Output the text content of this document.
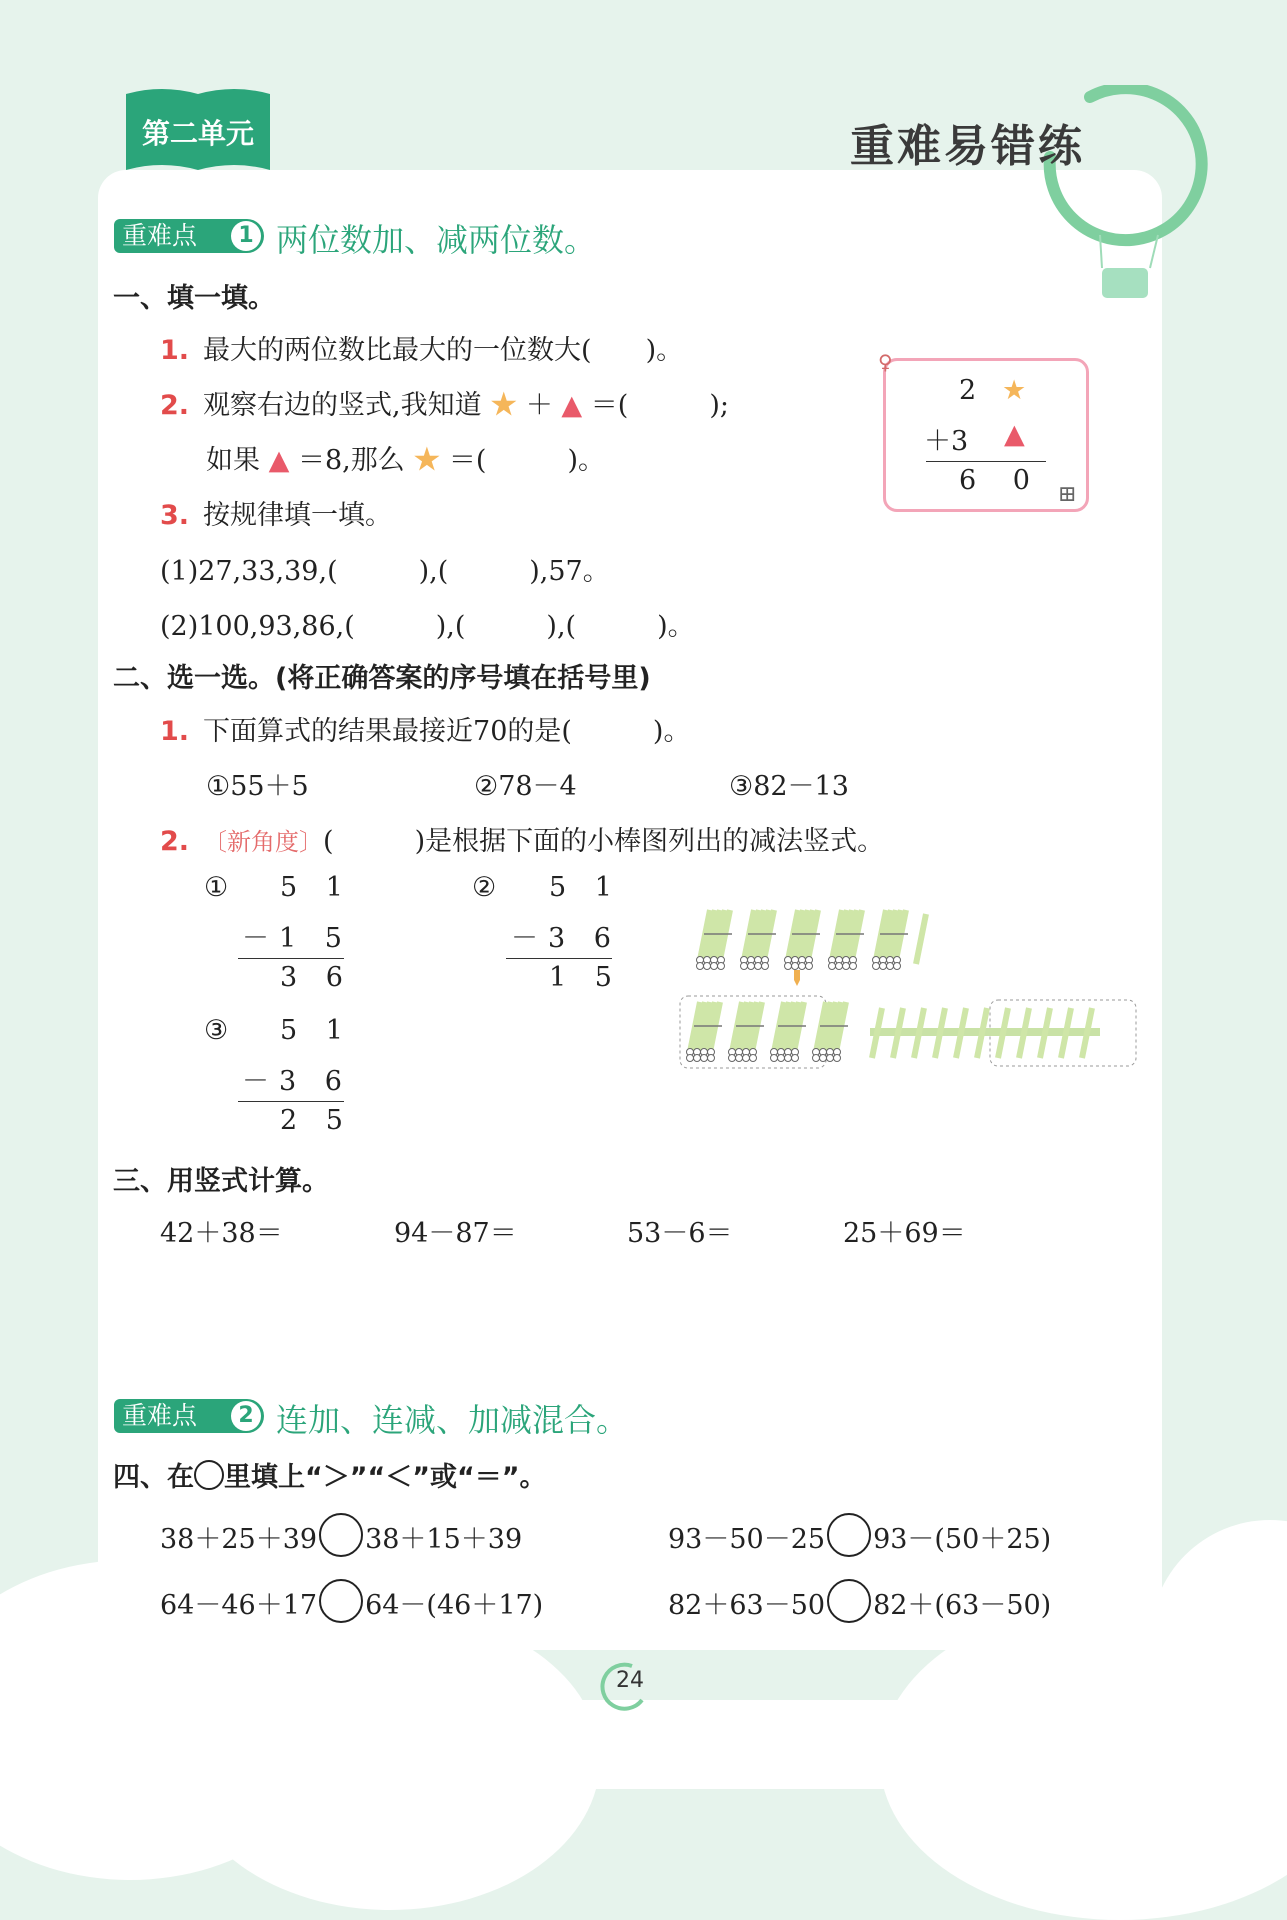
第二单元	重难易错练
重难点	1 两位数加、减两位数。
一、填一填。
1. 最大的两位数比最大的一位数大(　　)。
2. 观察右边的竖式,我知道 ★ ＋ ▲ ＝(　　　);
如果 ▲ ＝8,那么 ★ ＝(　　　)。
2 ★
＋3 ▲
6 0
♀
⊞
3. 按规律填一填。
(1)27,33,39,(　　　),(　　　),57。
(2)100,93,86,(　　　),(　　　),(　　　)。
二、选一选。(将正确答案的序号填在括号里)
1. 下面算式的结果最接近70的是(　　　)。
①55＋5	②78－4	③82－13
2. 〔新角度〕(　　　)是根据下面的小棒图列出的减法竖式。
① 5 1
－1 5
3 6
② 5 1
－3 6
1 5
③ 5 1
－3 6
2 5
三、用竖式计算。
42＋38＝	94－87＝	53－6＝	25＋69＝
重难点	2 连加、连减、加减混合。
四、在 里填上“＞”“＜”或“＝”。
38＋25＋39 38＋15＋39	93－50－25 93－(50＋25)
64－46＋17 64－(46＋17)	82＋63－50 82＋(63－50)
24
